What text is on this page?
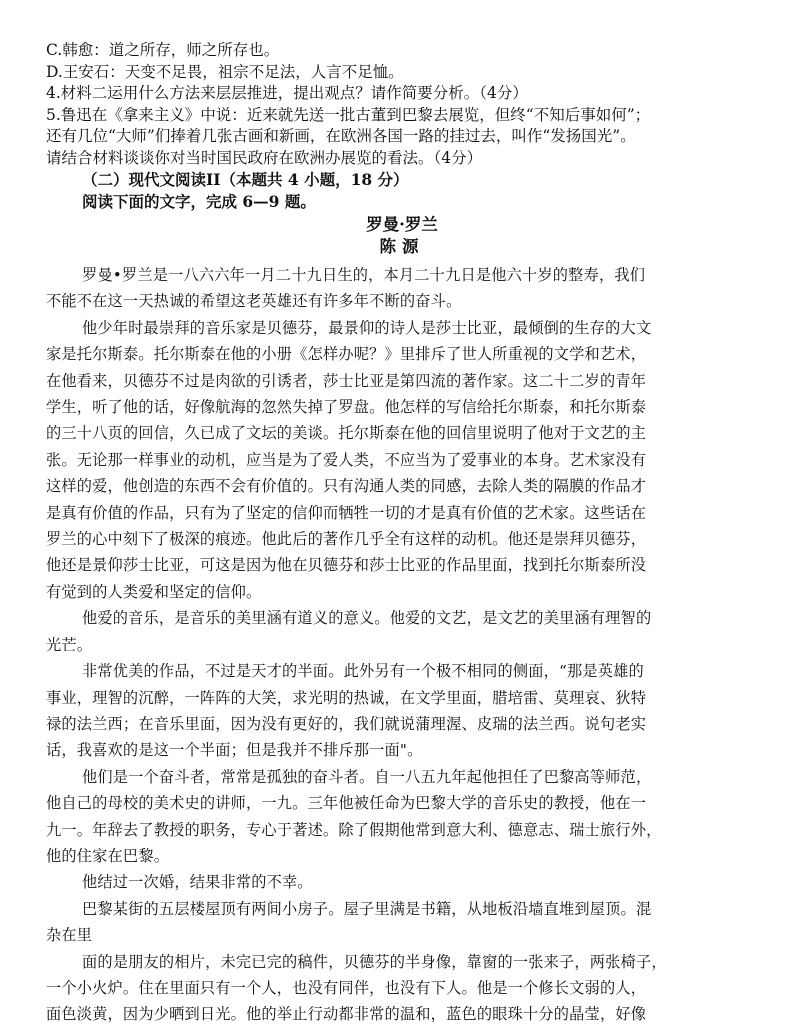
C.韩愈：道之所存，师之所存也。

D.王安石：天变不足畏，祖宗不足法，人言不足恤。

4.材料二运用什么方法来层层推进，提出观点？请作简要分析。（4分）

5.鲁迅在《拿来主义》中说：近来就先送一批古董到巴黎去展览，但终“不知后事如何”；

还有几位“大师”们捧着几张古画和新画，在欧洲各国一路的挂过去，叫作“发扬国光”。

请结合材料谈谈你对当时国民政府在欧洲办展览的看法。（4分）

（二）现代文阅读II（本题共 4 小题，18 分）

阅读下面的文字，完成 6—9 题。

罗曼·罗兰

陈源

罗曼•罗兰是一八六六年一月二十九日生的，本月二十九日是他六十岁的整寿，我们

不能不在这一天热诚的希望这老英雄还有许多年不断的奋斗。

他少年时最崇拜的音乐家是贝德芬，最景仰的诗人是莎士比亚，最倾倒的生存的大文

家是托尔斯泰。托尔斯泰在他的小册《怎样办呢？》里排斥了世人所重视的文学和艺术，

在他看来，贝德芬不过是肉欲的引诱者，莎士比亚是第四流的著作家。这二十二岁的青年

学生，听了他的话，好像航海的忽然失掉了罗盘。他怎样的写信给托尔斯泰，和托尔斯泰

的三十八页的回信，久已成了文坛的美谈。托尔斯泰在他的回信里说明了他对于文艺的主

张。无论那一样事业的动机，应当是为了爱人类，不应当为了爱事业的本身。艺术家没有

这样的爱，他创造的东西不会有价值的。只有沟通人类的同感，去除人类的隔膜的作品才

是真有价值的作品，只有为了坚定的信仰而牺牲一切的才是真有价值的艺术家。这些话在

罗兰的心中刻下了极深的痕迹。他此后的著作几乎全有这样的动机。他还是崇拜贝德芬，

他还是景仰莎士比亚，可这是因为他在贝德芬和莎士比亚的作品里面，找到托尔斯泰所没

有觉到的人类爱和坚定的信仰。

他爱的音乐，是音乐的美里涵有道义的意义。他爱的文艺，是文艺的美里涵有理智的

光芒。

非常优美的作品，不过是天才的半面。此外另有一个极不相同的侧面，“那是英雄的

事业，理智的沉醉，一阵阵的大笑，求光明的热诚，在文学里面，腊培雷、莫理哀、狄特

禄的法兰西；在音乐里面，因为没有更好的，我们就说蒲理渥、皮瑞的法兰西。说句老实

话，我喜欢的是这一个半面；但是我并不排斥那一面"。

他们是一个奋斗者，常常是孤独的奋斗者。自一八五九年起他担任了巴黎高等师范，

他自己的母校的美术史的讲师，一九。三年他被任命为巴黎大学的音乐史的教授，他在一

九一。年辞去了教授的职务，专心于著述。除了假期他常到意大利、德意志、瑞士旅行外，

他的住家在巴黎。

他结过一次婚，结果非常的不幸。

巴黎某街的五层楼屋顶有两间小房子。屋子里满是书籍，从地板沿墙直堆到屋顶。混

杂在里

面的是朋友的相片，未完已完的稿件，贝德芬的半身像，靠窗的一张来子，两张椅子，

一个小火炉。住在里面只有一个人，也没有同伴，也没有下人。他是一个修长文弱的人，

面色淡黄，因为少晒到日光。他的举止行动都非常的温和，蓝色的眼珠十分的晶莹，好像
